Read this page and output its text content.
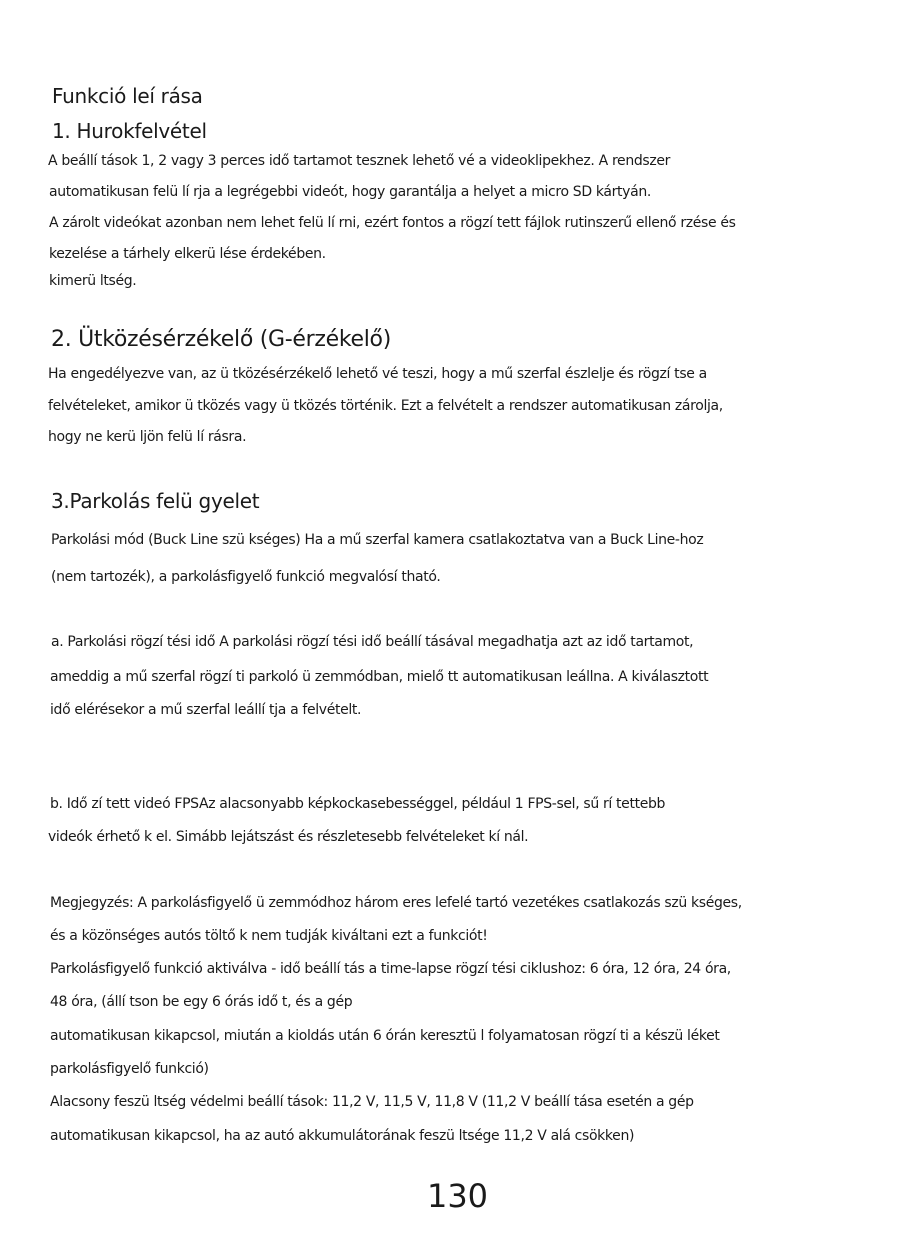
Funkció leí rása
1. Hurokfelvétel
A beállí tások 1, 2 vagy 3 perces idő tartamot tesznek lehető vé a videoklipekhez. A rendszer
automatikusan felü lí rja a legrégebbi videót, hogy garantálja a helyet a micro SD kártyán.
A zárolt videókat azonban nem lehet felü lí rni, ezért fontos a rögzí tett fájlok rutinszerű ellenő rzése és
kezelése a tárhely elkerü lése érdekében.
kimerü ltség.
2. Ütközésérzékelő (G-érzékelő)
Ha engedélyezve van, az ü tközésérzékelő lehető vé teszi, hogy a mű szerfal észlelje és rögzí tse a
felvételeket, amikor ü tközés vagy ü tközés történik. Ezt a felvételt a rendszer automatikusan zárolja,
hogy ne kerü ljön felü lí rásra.
3.Parkolás felü gyelet
Parkolási mód (Buck Line szü kséges) Ha a mű szerfal kamera csatlakoztatva van a Buck Line-hoz
(nem tartozék), a parkolásfigyelő funkció megvalósí tható.
a. Parkolási rögzí tési idő A parkolási rögzí tési idő beállí tásával megadhatja azt az idő tartamot,
ameddig a mű szerfal rögzí ti parkoló ü zemmódban, mielő tt automatikusan leállna. A kiválasztott
idő elérésekor a mű szerfal leállí tja a felvételt.
b. Idő zí tett videó FPSAz alacsonyabb képkockasebességgel, például 1 FPS-sel, sű rí tettebb
videók érhető k el. Simább lejátszást és részletesebb felvételeket kí nál.
Megjegyzés: A parkolásfigyelő ü zemmódhoz három eres lefelé tartó vezetékes csatlakozás szü kséges,
és a közönséges autós töltő k nem tudják kiváltani ezt a funkciót!
Parkolásfigyelő funkció aktiválva - idő beállí tás a time-lapse rögzí tési ciklushoz: 6 óra, 12 óra, 24 óra,
48 óra, (állí tson be egy 6 órás idő t, és a gép
automatikusan kikapcsol, miután a kioldás után 6 órán keresztü l folyamatosan rögzí ti a készü léket
parkolásfigyelő funkció)
Alacsony feszü ltség védelmi beállí tások: 11,2 V, 11,5 V, 11,8 V (11,2 V beállí tása esetén a gép
automatikusan kikapcsol, ha az autó akkumulátorának feszü ltsége 11,2 V alá csökken)
130
